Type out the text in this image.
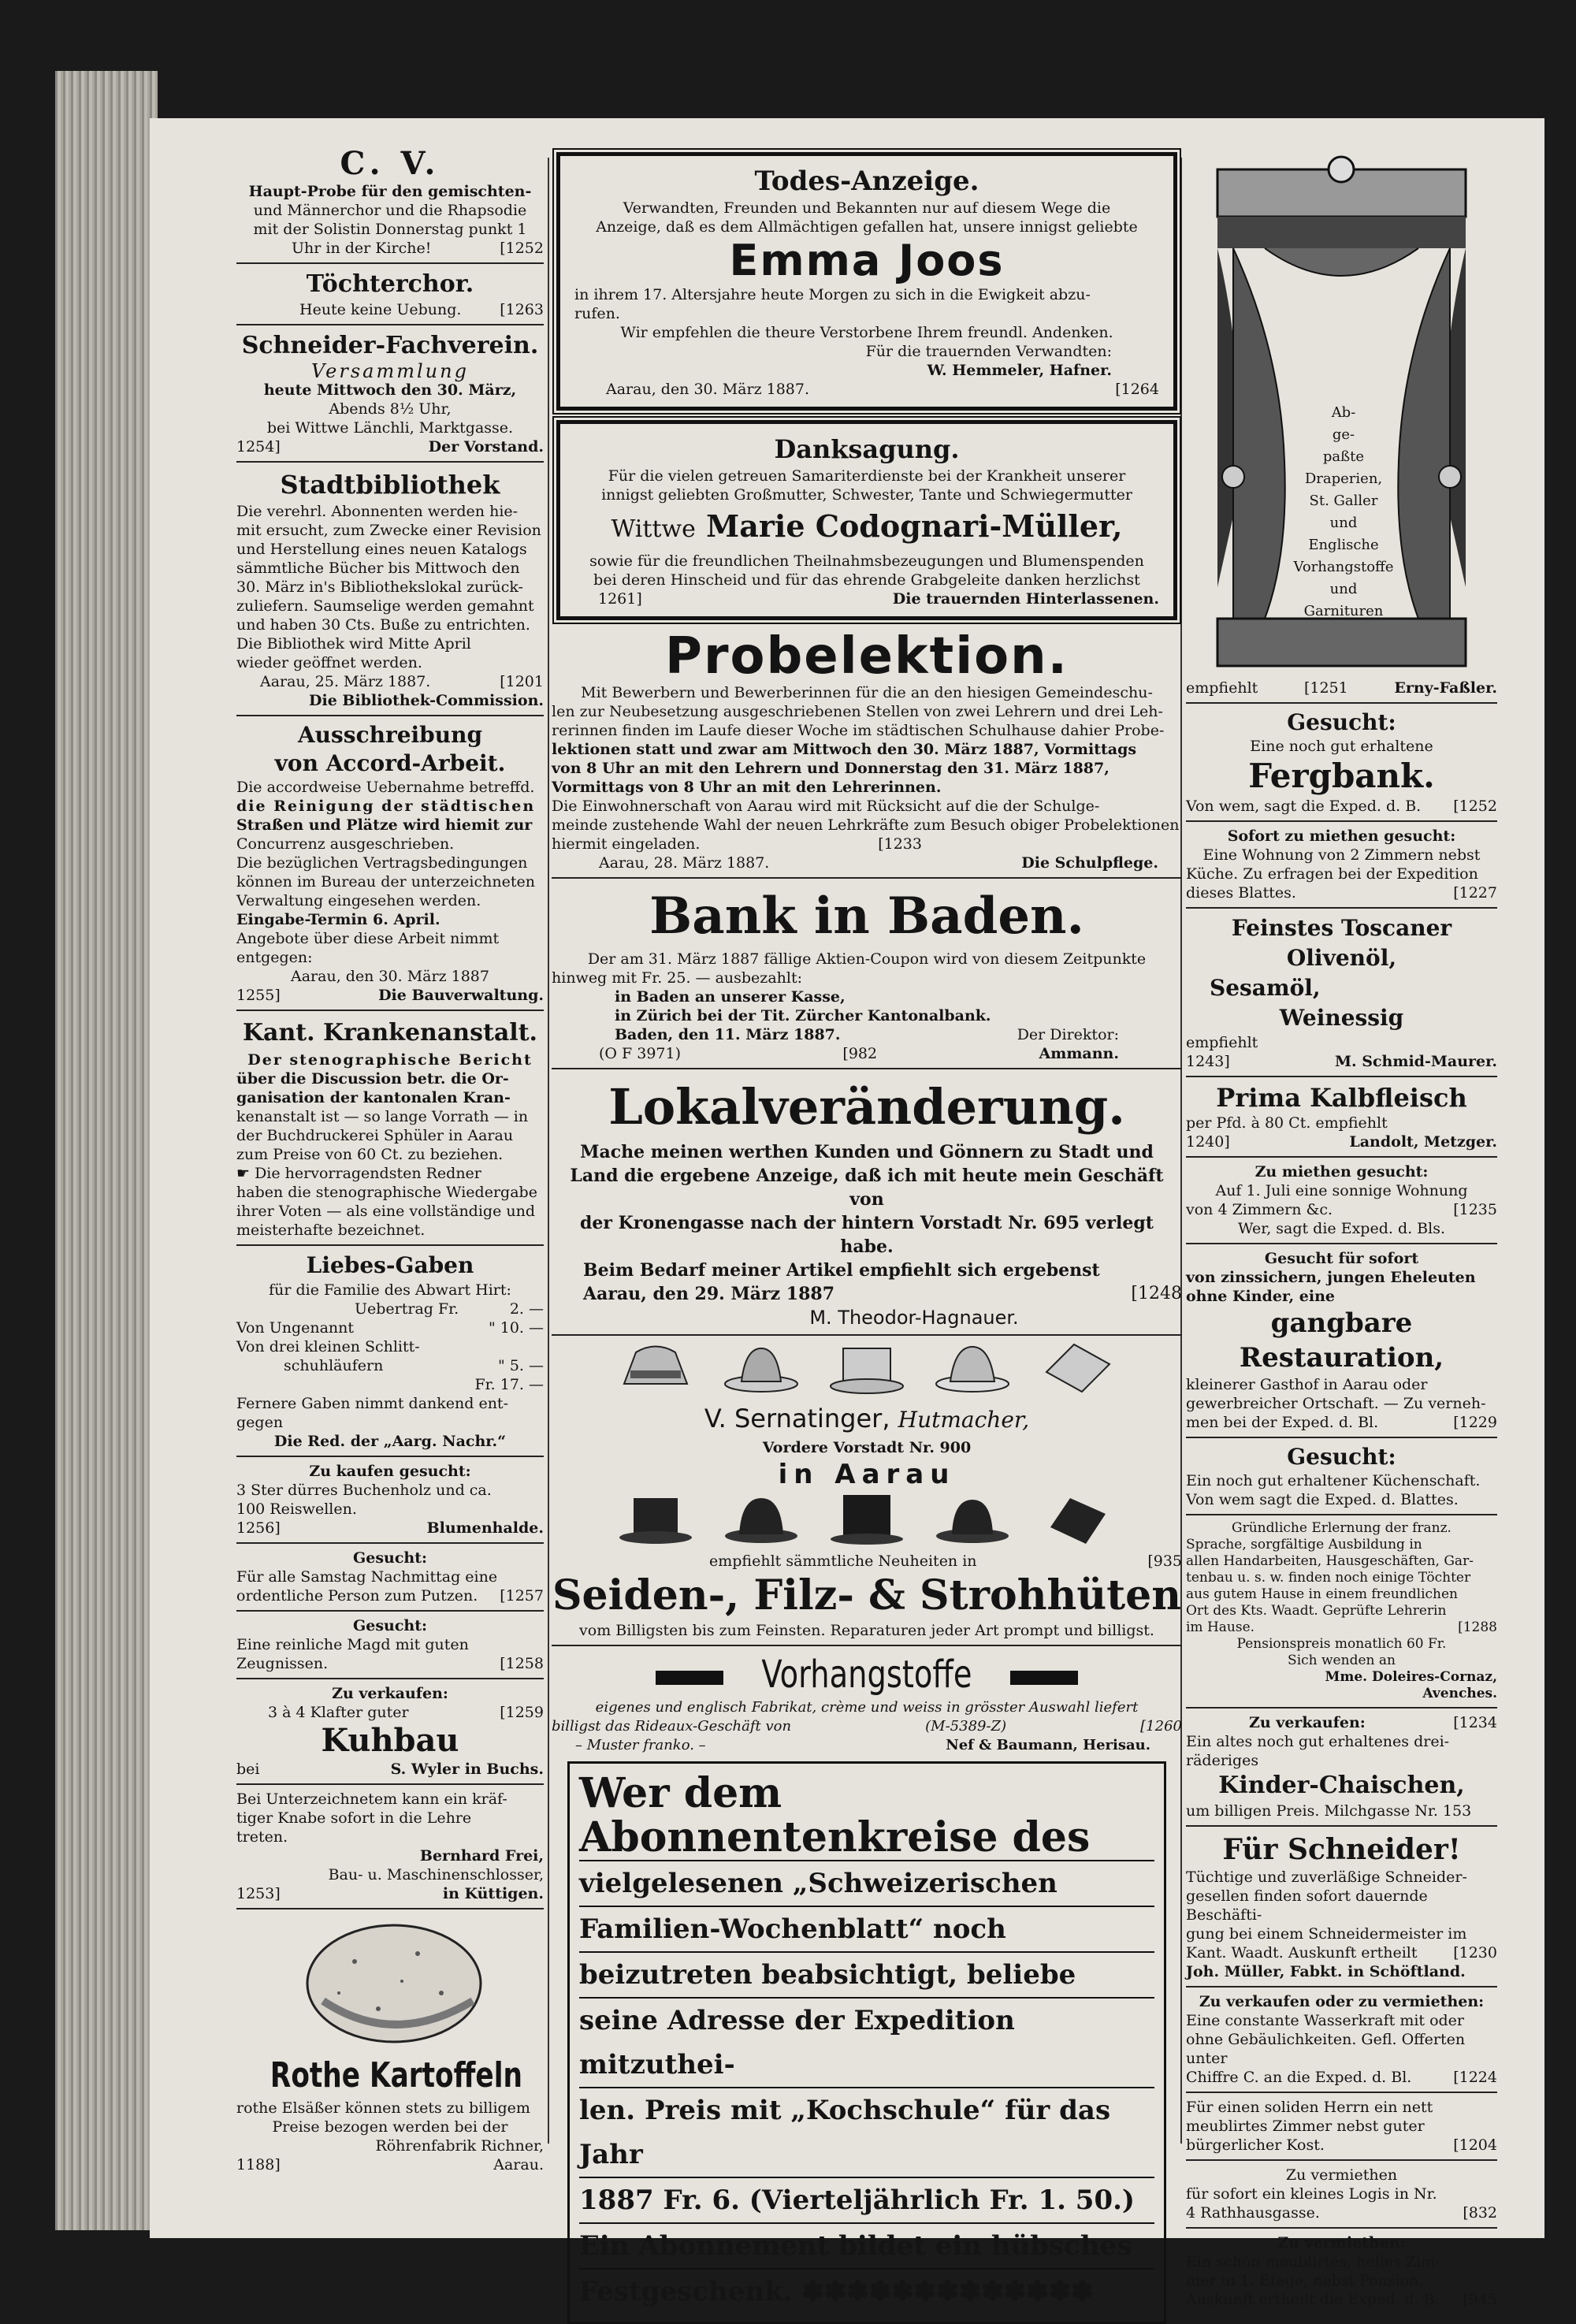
C. V.

Haupt-Probe für den gemischten-

und Männerchor und die Rhapsodie

mit der Solistin Donnerstag punkt 1

Uhr in der Kirche!	[1252

Töchterchor.

Heute keine Uebung.	[1263

Schneider-Fachverein.

Versammlung

heute Mittwoch den 30. März,

Abends 8½ Uhr,

bei Wittwe Länchli, Marktgasse.

1254]	Der Vorstand.

Stadtbibliothek

Die verehrl. Abonnenten werden hie-

mit ersucht, zum Zwecke einer Revision

und Herstellung eines neuen Katalogs

sämmtliche Bücher bis Mittwoch den

30. März in's Bibliothekslokal zurück-

zuliefern. Saumselige werden gemahnt

und haben 30 Cts. Buße zu entrichten.

Die Bibliothek wird Mitte April

wieder geöffnet werden.

Aarau, 25. März 1887.	[1201

Die Bibliothek-Commission.

Ausschreibung

von Accord-Arbeit.

Die accordweise Uebernahme betreffd.

die Reinigung der städtischen

Straßen und Plätze wird hiemit zur

Concurrenz ausgeschrieben.

Die bezüglichen Vertragsbedingungen

können im Bureau der unterzeichneten

Verwaltung eingesehen werden.

Eingabe-Termin 6. April.

Angebote über diese Arbeit nimmt

entgegen:

Aarau, den 30. März 1887

1255]	Die Bauverwaltung.

Kant. Krankenanstalt.

Der stenographische Bericht

über die Discussion betr. die Or-

ganisation der kantonalen Kran-

kenanstalt ist — so lange Vorrath — in

der Buchdruckerei Sphüler in Aarau

zum Preise von 60 Ct. zu beziehen.

☛ Die hervorragendsten Redner

haben die stenographische Wiedergabe

ihrer Voten — als eine vollständige und

meisterhafte bezeichnet.

Liebes-Gaben

für die Familie des Abwart Hirt:

Uebertrag Fr.	2. —

Von Ungenannt	" 10. —

Von drei kleinen Schlitt-

schuhläufern	" 5. —

Fr. 17. —

Fernere Gaben nimmt dankend ent-

gegen

Die Red. der „Aarg. Nachr.“

Zu kaufen gesucht:

3 Ster dürres Buchenholz und ca.

100 Reiswellen.

1256]	Blumenhalde.

Gesucht:

Für alle Samstag Nachmittag eine

ordentliche Person zum Putzen. [1257

Gesucht:

Eine reinliche Magd mit guten

Zeugnissen.	[1258

Zu verkaufen:

3 à 4 Klafter guter	[1259

Kuhbau

bei	S. Wyler in Buchs.

Bei Unterzeichnetem kann ein kräf-

tiger Knabe sofort in die Lehre

treten.

Bernhard Frei,

Bau- u. Maschinenschlosser,

1253]	in Küttigen.

Rothe Kartoffeln

rothe Elsäßer können stets zu billigem

Preise bezogen werden bei der

Röhrenfabrik Richner,

1188]	Aarau.

Todes-Anzeige.

Verwandten, Freunden und Bekannten nur auf diesem Wege die

Anzeige, daß es dem Allmächtigen gefallen hat, unsere innigst geliebte

Emma Joos

in ihrem 17. Altersjahre heute Morgen zu sich in die Ewigkeit abzu-

rufen.

Wir empfehlen die theure Verstorbene Ihrem freundl. Andenken.

Für die trauernden Verwandten:

W. Hemmeler, Hafner.

Aarau, den 30. März 1887.	[1264

Danksagung.

Für die vielen getreuen Samariterdienste bei der Krankheit unserer

innigst geliebten Großmutter, Schwester, Tante und Schwiegermutter

Wittwe Marie Codognari-Müller,

sowie für die freundlichen Theilnahmsbezeugungen und Blumenspenden

bei deren Hinscheid und für das ehrende Grabgeleite danken herzlichst

1261]	Die trauernden Hinterlassenen.

Probelektion.

Mit Bewerbern und Bewerberinnen für die an den hiesigen Gemeindeschu-

len zur Neubesetzung ausgeschriebenen Stellen von zwei Lehrern und drei Leh-

rerinnen finden im Laufe dieser Woche im städtischen Schulhause dahier Probe-

lektionen statt und zwar am Mittwoch den 30. März 1887, Vormittags

von 8 Uhr an mit den Lehrern und Donnerstag den 31. März 1887,

Vormittags von 8 Uhr an mit den Lehrerinnen.

Die Einwohnerschaft von Aarau wird mit Rücksicht auf die der Schulge-

meinde zustehende Wahl der neuen Lehrkräfte zum Besuch obiger Probelektionen

hiermit eingeladen.	[1233

Aarau, 28. März 1887.	Die Schulpflege.

Bank in Baden.

Der am 31. März 1887 fällige Aktien-Coupon wird von diesem Zeitpunkte

hinweg mit Fr. 25. — ausbezahlt:

in Baden an unserer Kasse,

in Zürich bei der Tit. Zürcher Kantonalbank.

Baden, den 11. März 1887.	Der Direktor:

(O F 3971)	[982	Ammann.

Lokalveränderung.

Mache meinen werthen Kunden und Gönnern zu Stadt und

Land die ergebene Anzeige, daß ich mit heute mein Geschäft von

der Kronengasse nach der hintern Vorstadt Nr. 695 verlegt habe.

Beim Bedarf meiner Artikel empfiehlt sich ergebenst

Aarau, den 29. März 1887	[1248

M. Theodor-Hagnauer.

V. Sernatinger, Hutmacher,

Vordere Vorstadt Nr. 900

in Aarau

empfiehlt sämmtliche Neuheiten in	[935

Seiden-, Filz- & Strohhüten

vom Billigsten bis zum Feinsten. Reparaturen jeder Art prompt und billigst.

Vorhangstoffe

eigenes und englisch Fabrikat, crème und weiss in grösster Auswahl liefert

billigst das Rideaux-Geschäft von	(M-5389-Z)	[1260

– Muster franko. –	Nef & Baumann, Herisau.

Wer dem Abonnentenkreise des
vielgelesenen „Schweizerischen
Familien-Wochenblatt“ noch
beizutreten beabsichtigt, beliebe
seine Adresse der Expedition mitzuthei-
len. Preis mit „Kochschule“ für das Jahr
1887 Fr. 6. (Vierteljährlich Fr. 1. 50.)
Ein Abonnement bildet ein hübsches
Festgeschenk. ✽✽✽✽✽✽✽✽✽✽✽✽✽

Ab-

ge-

paßte

Draperien,

St. Galler

und

Englische

Vorhangstoffe

und

Garnituren

empfiehlt	[1251	Erny-Faßler.

Gesucht:

Eine noch gut erhaltene

Fergbank.

Von wem, sagt die Exped. d. B. [1252

Sofort zu miethen gesucht:

Eine Wohnung von 2 Zimmern nebst

Küche. Zu erfragen bei der Expedition

dieses Blattes.	[1227

Feinstes Toscaner Olivenöl,

Sesamöl,

Weinessig

empfiehlt

1243]	M. Schmid-Maurer.

Prima Kalbfleisch

per Pfd. à 80 Ct. empfiehlt

1240]	Landolt, Metzger.

Zu miethen gesucht:

Auf 1. Juli eine sonnige Wohnung

von 4 Zimmern &c.	[1235

Wer, sagt die Exped. d. Bls.

Gesucht für sofort

von zinssichern, jungen Eheleuten

ohne Kinder, eine

gangbare Restauration,

kleinerer Gasthof in Aarau oder

gewerbreicher Ortschaft. — Zu verneh-

men bei der Exped. d. Bl.	[1229

Gesucht:

Ein noch gut erhaltener Küchenschaft.

Von wem sagt die Exped. d. Blattes.

Gründliche Erlernung der franz.

Sprache, sorgfältige Ausbildung in

allen Handarbeiten, Hausgeschäften, Gar-

tenbau u. s. w. finden noch einige Töchter

aus gutem Hause in einem freundlichen

Ort des Kts. Waadt. Geprüfte Lehrerin

im Hause.	[1288

Pensionspreis monatlich 60 Fr.

Sich wenden an

Mme. Doleires-Cornaz,

Avenches.

Zu verkaufen:	[1234

Ein altes noch gut erhaltenes drei-

räderiges

Kinder-Chaischen,

um billigen Preis. Milchgasse Nr. 153

Für Schneider!

Tüchtige und zuverläßige Schneider-

gesellen finden sofort dauernde Beschäfti-

gung bei einem Schneidermeister im

Kant. Waadt. Auskunft ertheilt [1230

Joh. Müller, Fabkt. in Schöftland.

Zu verkaufen oder zu vermiethen:

Eine constante Wasserkraft mit oder

ohne Gebäulichkeiten. Gefl. Offerten unter

Chiffre C. an die Exped. d. Bl.	[1224

Für einen soliden Herrn ein nett

meublirtes Zimmer nebst guter

bürgerlicher Kost.	[1204

Zu vermiethen

für sofort ein kleines Logis in Nr.

4 Rathhausgasse.	[832

Zu vermiethen:

Ein schön meublirtes, helles Zim-

mer in 1. Etage, nebst Pension.

Auskunft ertheilt die Exped. d. B. [945
